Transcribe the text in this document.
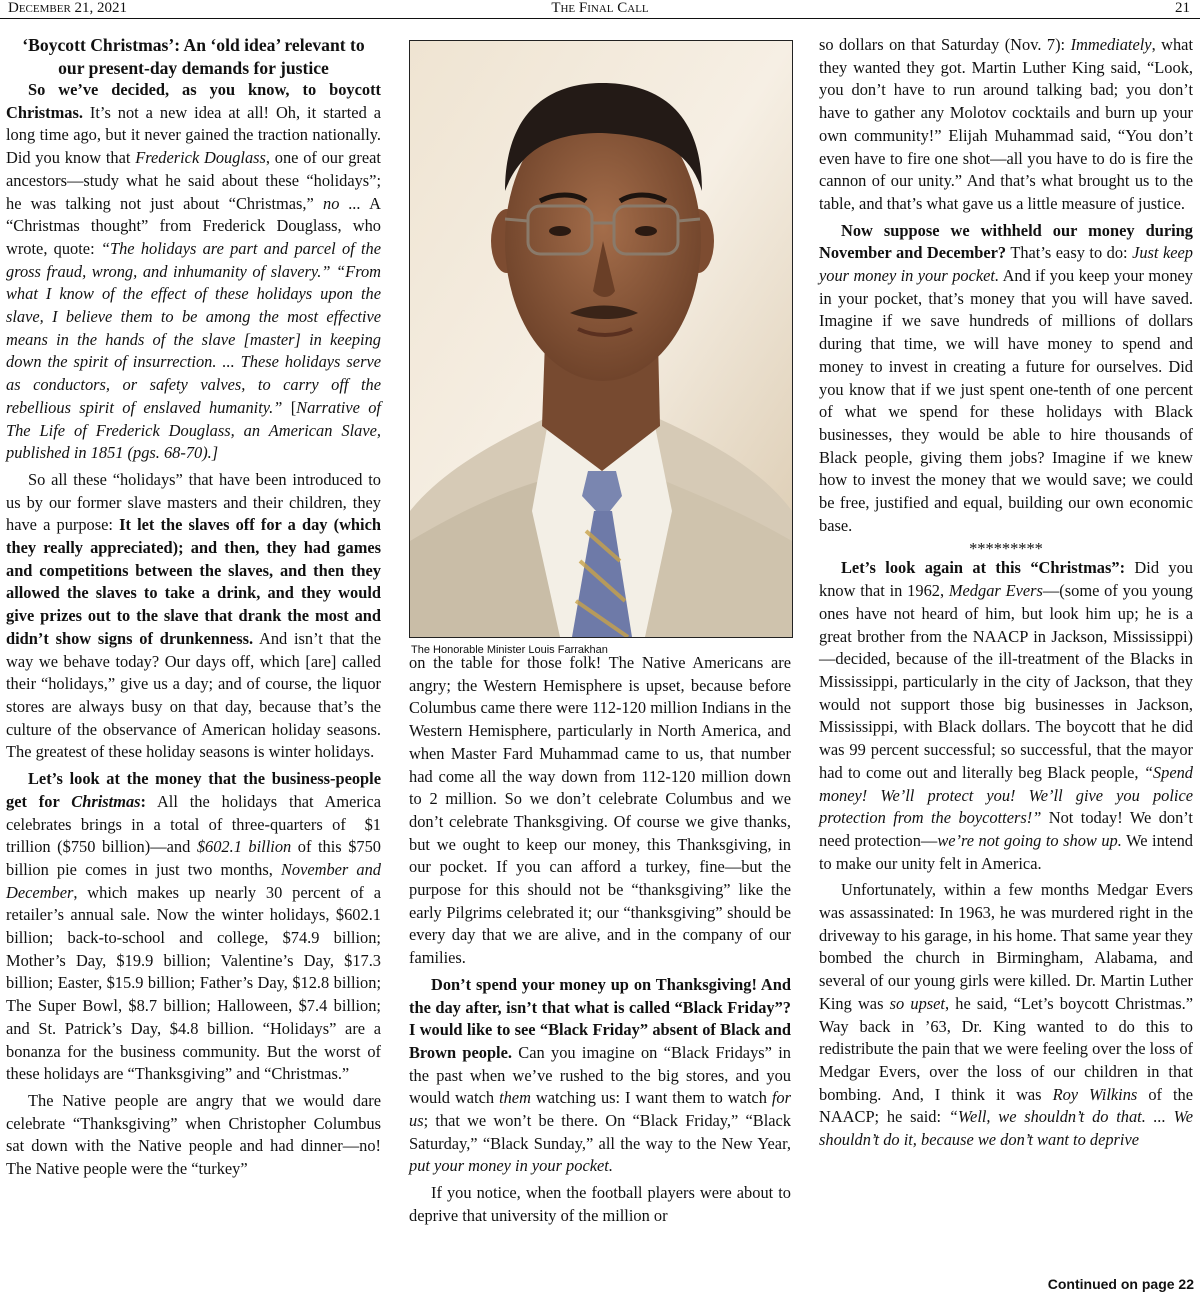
December 21, 2021	The Final Call	21
‘Boycott Christmas’: An ‘old idea’ relevant to our present-day demands for justice

So we’ve decided, as you know, to boycott Christmas. It’s not a new idea at all! Oh, it started a long time ago, but it never gained the traction nationally. Did you know that Frederick Douglass, one of our great ancestors—study what he said about these “holidays”; he was talking not just about “Christmas,” no ... A “Christmas thought” from Frederick Douglass, who wrote, quote: “The holidays are part and parcel of the gross fraud, wrong, and inhumanity of slavery.” “From what I know of the effect of these holidays upon the slave, I believe them to be among the most effective means in the hands of the slave [master] in keeping down the spirit of insurrection. ... These holidays serve as conductors, or safety valves, to carry off the rebellious spirit of enslaved humanity.” [Narrative of The Life of Frederick Douglass, an American Slave, published in 1851 (pgs. 68-70).]

So all these “holidays” that have been introduced to us by our former slave masters and their children, they have a purpose: It let the slaves off for a day (which they really appreciated); and then, they had games and competitions between the slaves, and then they allowed the slaves to take a drink, and they would give prizes out to the slave that drank the most and didn’t show signs of drunkenness. And isn’t that the way we behave today? Our days off, which [are] called their “holidays,” give us a day; and of course, the liquor stores are always busy on that day, because that’s the culture of the observance of American holiday seasons. The greatest of these holiday seasons is winter holidays.

Let’s look at the money that the business-people get for Christmas: All the holidays that America celebrates brings in a total of three-quarters of  $1 trillion ($750 billion)—and $602.1 billion of this $750 billion pie comes in just two months, November and December, which makes up nearly 30 percent of a retailer’s annual sale. Now the winter holidays, $602.1 billion; back-to-school and college, $74.9 billion; Mother’s Day, $19.9 billion; Valentine’s Day, $17.3 billion; Easter, $15.9 billion; Father’s Day, $12.8 billion; The Super Bowl, $8.7 billion; Halloween, $7.4 billion; and St. Patrick’s Day, $4.8 billion. “Holidays” are a bonanza for the business community. But the worst of these holidays are “Thanksgiving” and “Christmas.”

The Native people are angry that we would dare celebrate “Thanksgiving” when Christopher Columbus sat down with the Native people and had dinner—no! The Native people were the “turkey”

The Honorable Minister Louis Farrakhan

on the table for those folk! The Native Americans are angry; the Western Hemisphere is upset, because before Columbus came there were 112-120 million Indians in the Western Hemisphere, particularly in North America, and when Master Fard Muhammad came to us, that number had come all the way down from 112-120 million down to 2 million. So we don’t celebrate Columbus and we don’t celebrate Thanksgiving. Of course we give thanks, but we ought to keep our money, this Thanksgiving, in our pocket. If you can afford a turkey, fine—but the purpose for this should not be “thanksgiving” like the early Pilgrims celebrated it; our “thanksgiving” should be every day that we are alive, and in the company of our families.

Don’t spend your money up on Thanksgiving! And the day after, isn’t that what is called “Black Friday”? I would like to see “Black Friday” absent of Black and Brown people. Can you imagine on “Black Fridays” in the past when we’ve rushed to the big stores, and you would watch them watching us: I want them to watch for us; that we won’t be there. On “Black Friday,” “Black Saturday,” “Black Sunday,” all the way to the New Year, put your money in your pocket.

If you notice, when the football players were about to deprive that university of the million or

so dollars on that Saturday (Nov. 7): Immediately, what they wanted they got. Martin Luther King said, “Look, you don’t have to run around talking bad; you don’t have to gather any Molotov cocktails and burn up your own community!” Elijah Muhammad said, “You don’t even have to fire one shot—all you have to do is fire the cannon of our unity.” And that’s what brought us to the table, and that’s what gave us a little measure of justice.

Now suppose we withheld our money during November and December? That’s easy to do: Just keep your money in your pocket. And if you keep your money in your pocket, that’s money that you will have saved. Imagine if we save hundreds of millions of dollars during that time, we will have money to spend and money to invest in creating a future for ourselves. Did you know that if we just spent one-tenth of one percent of what we spend for these holidays with Black businesses, they would be able to hire thousands of Black people, giving them jobs? Imagine if we knew how to invest the money that we would save; we could be free, justified and equal, building our own economic base.

*********

Let’s look again at this “Christmas”: Did you know that in 1962, Medgar Evers—(some of you young ones have not heard of him, but look him up; he is a great brother from the NAACP in Jackson, Mississippi)—decided, because of the ill-treatment of the Blacks in Mississippi, particularly in the city of Jackson, that they would not support those big businesses in Jackson, Mississippi, with Black dollars. The boycott that he did was 99 percent successful; so successful, that the mayor had to come out and literally beg Black people, “Spend money! We’ll protect you! We’ll give you police protection from the boycotters!” Not today! We don’t need protection—we’re not going to show up. We intend to make our unity felt in America.

Unfortunately, within a few months Medgar Evers was assassinated: In 1963, he was murdered right in the driveway to his garage, in his home. That same year they bombed the church in Birmingham, Alabama, and several of our young girls were killed. Dr. Martin Luther King was so upset, he said, “Let’s boycott Christmas.” Way back in ’63, Dr. King wanted to do this to redistribute the pain that we were feeling over the loss of Medgar Evers, over the loss of our children in that bombing. And, I think it was Roy Wilkins of the NAACP; he said: “Well, we shouldn’t do that. ... We shouldn’t do it, because we don’t want to deprive

Continued on page 22
